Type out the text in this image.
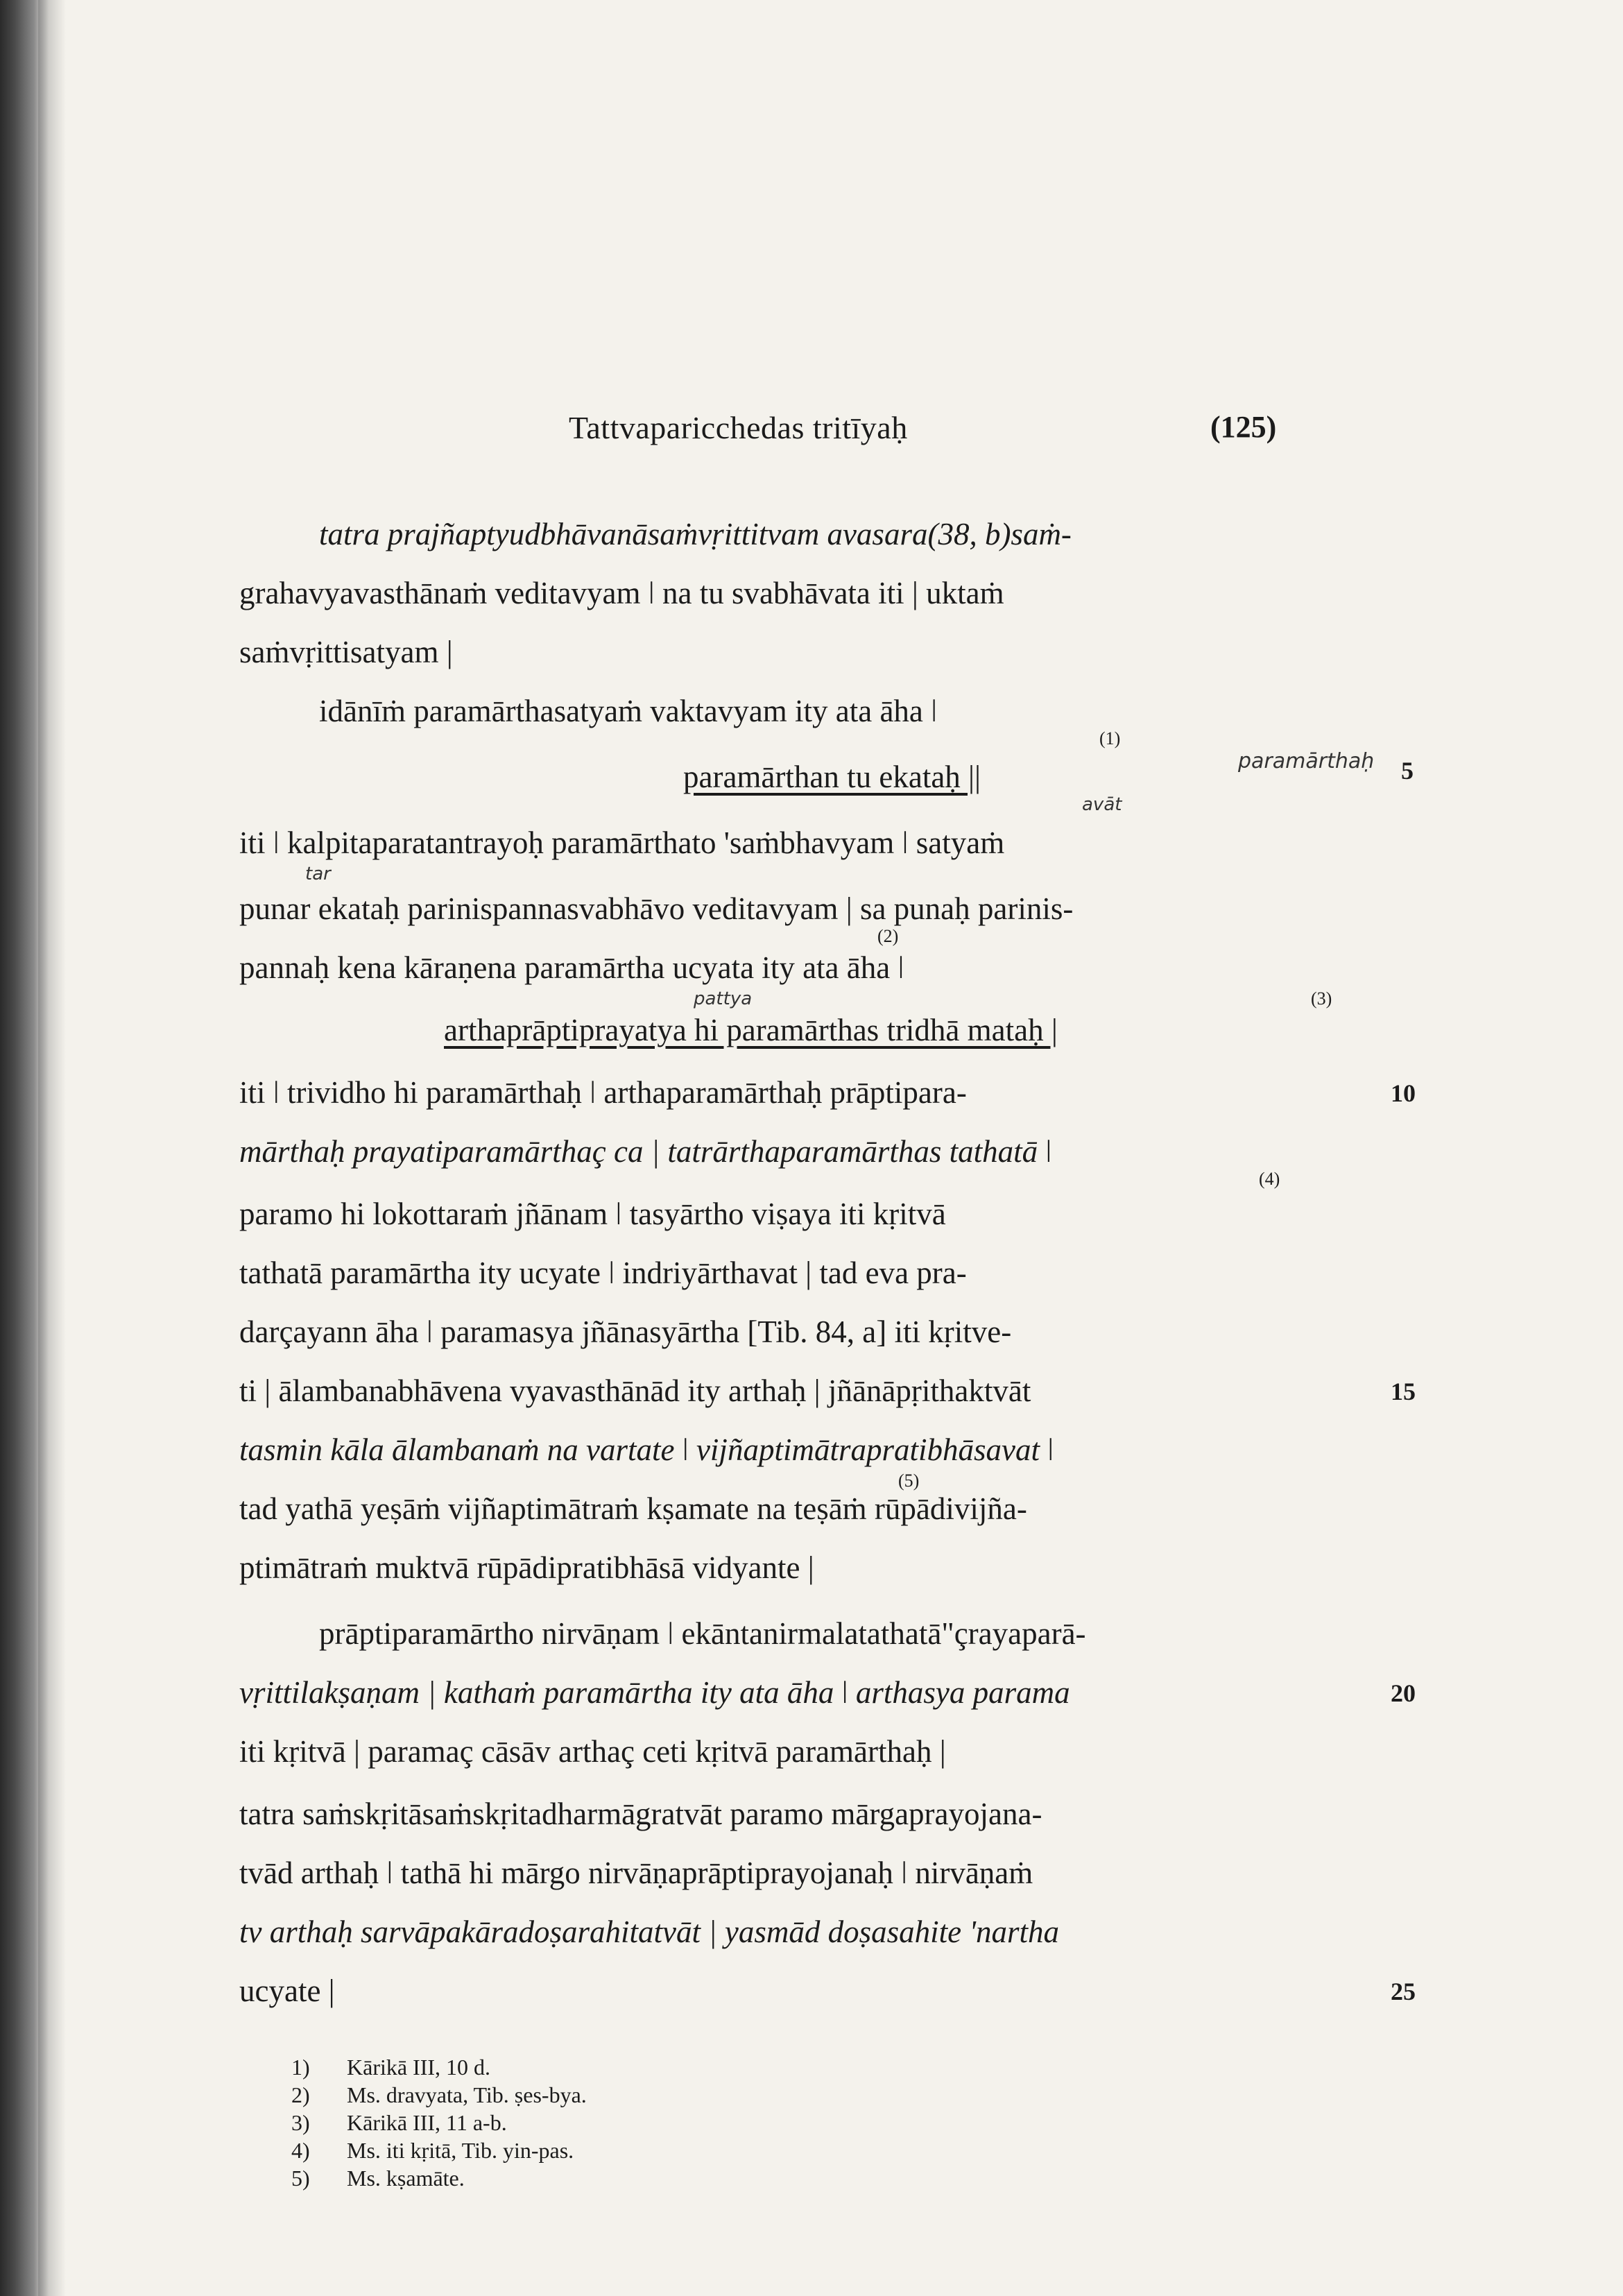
Tattvaparicchedas tritīyaḥ	(125)
tatra prajñaptyudbhāvanāsaṁvṛittitvam avasara(38, b)saṁ-
grahavyavasthānaṁ veditavyam ǀ na tu svabhāvata iti | uktaṁ
saṁvṛittisatyam |
idānīṁ paramārthasatyaṁ vaktavyam ity ata āha ǀ
(1)
paramārthan tu ekataḥ ||	paramārthaḥ 5
avāt
iti ǀ kalpitaparatantrayoḥ paramārthato 'saṁbhavyam ǀ satyaṁ
tar
punar ekataḥ parinispannasvabhāvo veditavyam | sa punaḥ parinis-
(2)
pannaḥ kena kāraṇena paramārtha ucyata ity ata āha ǀ
pattya	(3)
arthaprāptiprayatya hi paramārthas tridhā mataḥ |
iti ǀ trividho hi paramārthaḥ ǀ arthaparamārthaḥ prāptipara-	10
mārthaḥ prayatiparamārthaç ca | tatrārthaparamārthas tathatā ǀ
(4)
paramo hi lokottaraṁ jñānam ǀ tasyārtho viṣaya iti kṛitvā
tathatā paramārtha ity ucyate ǀ indriyārthavat | tad eva pra-
darçayann āha ǀ paramasya jñānasyārtha [Tib. 84, a] iti kṛitve-
ti | ālambanabhāvena vyavasthānād ity arthaḥ | jñānāpṛithaktvāt	15
tasmin kāla ālambanaṁ na vartate ǀ vijñaptimātrapratibhāsavat ǀ
(5)
tad yathā yeṣāṁ vijñaptimātraṁ kṣamate na teṣāṁ rūpādivijña-
ptimātraṁ muktvā rūpādipratibhāsā vidyante |
prāptiparamārtho nirvāṇam ǀ ekāntanirmalatathatā"çrayaparā-
vṛittilakṣaṇam | kathaṁ paramārtha ity ata āha ǀ arthasya parama	20
iti kṛitvā | paramaç cāsāv arthaç ceti kṛitvā paramārthaḥ |
tatra saṁskṛitāsaṁskṛitadharmāgratvāt paramo mārgaprayojana-
tvād arthaḥ ǀ tathā hi mārgo nirvāṇaprāptiprayojanaḥ ǀ nirvāṇaṁ
tv arthaḥ sarvāpakāradoṣarahitatvāt | yasmād doṣasahite 'nartha
ucyate |	25
1) Kārikā III, 10 d.
2) Ms. dravyata, Tib. ṣes-bya.
3) Kārikā III, 11 a-b.
4) Ms. iti kṛitā, Tib. yin-pas.
5) Ms. kṣamāte.
